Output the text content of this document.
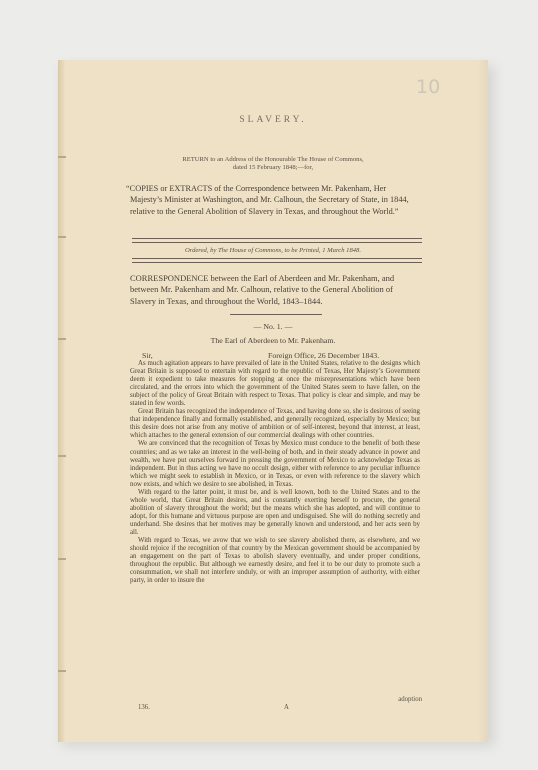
10
SLAVERY.
RETURN to an Address of the Honourable The House of Commons,
dated 15 February 1848;—for,
“COPIES or EXTRACTS of the Correspondence between Mr. Pakenham, Her Majesty’s Minister at Washington, and Mr. Calhoun, the Secretary of State, in 1844, relative to the General Abolition of Slavery in Texas, and throughout the World.”
Ordered, by The House of Commons, to be Printed, 1 March 1848.
CORRESPONDENCE between the Earl of Aberdeen and Mr. Pakenham, and between Mr. Pakenham and Mr. Calhoun, relative to the General Abolition of Slavery in Texas, and throughout the World, 1843–1844.
— No. 1. —
The Earl of Aberdeen to Mr. Pakenham.
Sir,	Foreign Office, 26 December 1843.

As much agitation appears to have prevailed of late in the United States, relative to the designs which Great Britain is supposed to entertain with regard to the republic of Texas, Her Majesty’s Government deem it expedient to take measures for stopping at once the misrepresentations which have been circulated, and the errors into which the government of the United States seem to have fallen, on the subject of the policy of Great Britain with respect to Texas. That policy is clear and simple, and may be stated in few words.

Great Britain has recognized the independence of Texas, and having done so, she is desirous of seeing that independence finally and formally established, and generally recognized, especially by Mexico; but this desire does not arise from any motive of ambition or of self-interest, beyond that interest, at least, which attaches to the general extension of our commercial dealings with other countries.

We are convinced that the recognition of Texas by Mexico must conduce to the benefit of both these countries; and as we take an interest in the well-being of both, and in their steady advance in power and wealth, we have put ourselves forward in pressing the government of Mexico to acknowledge Texas as independent. But in thus acting we have no occult design, either with reference to any peculiar influence which we might seek to establish in Mexico, or in Texas, or even with reference to the slavery which now exists, and which we desire to see abolished, in Texas.

With regard to the latter point, it must be, and is well known, both to the United States and to the whole world, that Great Britain desires, and is constantly exerting herself to procure, the general abolition of slavery throughout the world; but the means which she has adopted, and will continue to adopt, for this humane and virtuous purpose are open and undisguised. She will do nothing secretly and underhand. She desires that her motives may be generally known and understood, and her acts seen by all.

With regard to Texas, we avow that we wish to see slavery abolished there, as elsewhere, and we should rejoice if the recognition of that country by the Mexican government should be accompanied by an engagement on the part of Texas to abolish slavery eventually, and under proper conditions, throughout the republic. But although we earnestly desire, and feel it to be our duty to promote such a consummation, we shall not interfere unduly, or with an improper assumption of authority, with either party, in order to insure the

136.	A
adoption
